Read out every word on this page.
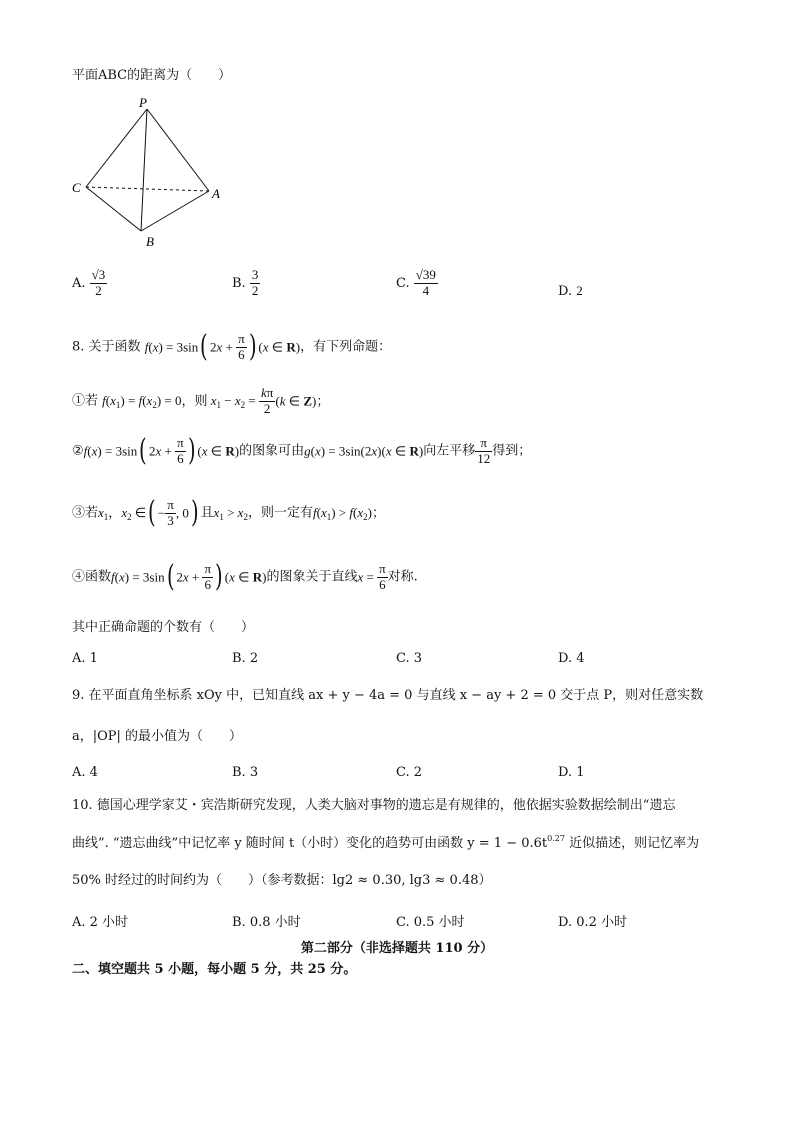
平面ABC的距离为（　　）
P
C	A
B
A. $\frac{√3}{2}$	B. $\frac{3}{2}$	C. $\frac{√39}{4}$	D. 2
8. 关于函数 f(x) = 3sin( $2x + \frac{\pi}{6}$ ) (x ∈ R)，有下列命题：
①若 $f(x_1) = f(x_2) = 0$，则 $x_1 - x_2 = \frac{k\pi}{2} (k$ ∈ Z)；
②f(x) = 3sin( $2x + \frac{\pi}{6}$ ) (x ∈ R)的图象可由g(x) = 3sin(2x)(x ∈ R)向左平移 $\frac{\pi}{12}$ 得到；
③若$x_1$，$x_2$ ∈( − $\frac{\pi}{3}$ , 0) 且$x_1 > x_2$，则一定有$f(x_1) > f(x_2)$；
④函数f(x) = 3sin( $2x + \frac{\pi}{6}$ ) (x ∈ R)的图象关于直线$x = \frac{\pi}{6}$ 对称.
其中正确命题的个数有（　　）
A. 1	B. 2	C. 3	D. 4
9. 在平面直角坐标系 xOy 中，已知直线 ax + y − 4a = 0 与直线 x − ay + 2 = 0 交于点 P，则对任意实数
a，|OP| 的最小值为（　　）
A. 4	B. 3	C. 2	D. 1
10. 德国心理学家艾・宾浩斯研究发现，人类大脑对事物的遗忘是有规律的，他依据实验数据绘制出“遗忘
曲线”. “遗忘曲线”中记忆率 y 随时间 t（小时）变化的趋势可由函数 $y = 1 - 0.6t^{0.27}$ 近似描述，则记忆率为
50% 时经过的时间约为（　　）（参考数据：lg2 ≈ 0.30, lg3 ≈ 0.48）
A. 2 小时	B. 0.8 小时	C. 0.5 小时	D. 0.2 小时
第二部分（非选择题共 110 分）
二、填空题共 5 小题，每小题 5 分，共 25 分。
